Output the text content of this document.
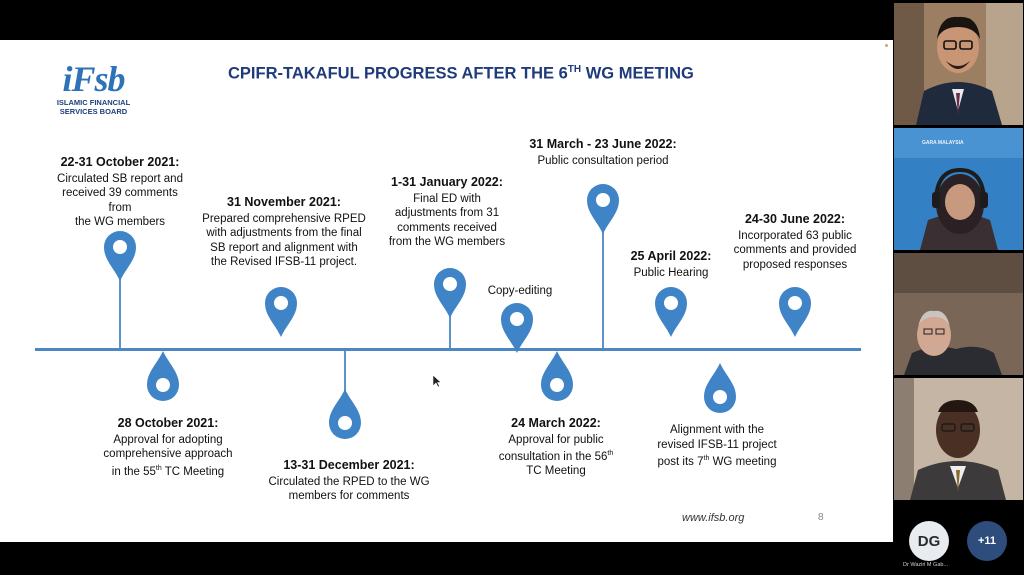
iFsb
ISLAMIC FINANCIAL
SERVICES BOARD
CPIFR-TAKAFUL PROGRESS AFTER THE 6TH WG MEETING
22-31 October 2021:
Circulated SB report and
received 39 comments from
the WG members
31 November 2021:
Prepared comprehensive RPED
with adjustments from the final
SB report and alignment with
the Revised IFSB-11 project.
1-31 January 2022:
Final ED with
adjustments from 31
comments received
from the WG members
Copy-editing
31 March - 23 June 2022:
Public consultation period
25 April 2022:
Public Hearing
24-30 June 2022:
Incorporated 63 public
comments and provided
proposed responses
28 October 2021:
Approval for adopting
comprehensive approach
in the 55th TC Meeting	13-31 December 2021:
Circulated the RPED to the WG
members for comments
24 March 2022:
Approval for public
consultation in the 56th
TC Meeting
Alignment with the
revised IFSB-11 project
post its 7th WG meeting
www.ifsb.org	8
GARA MALAYSIA
DG	+11
Dr Waziri M Gab...
